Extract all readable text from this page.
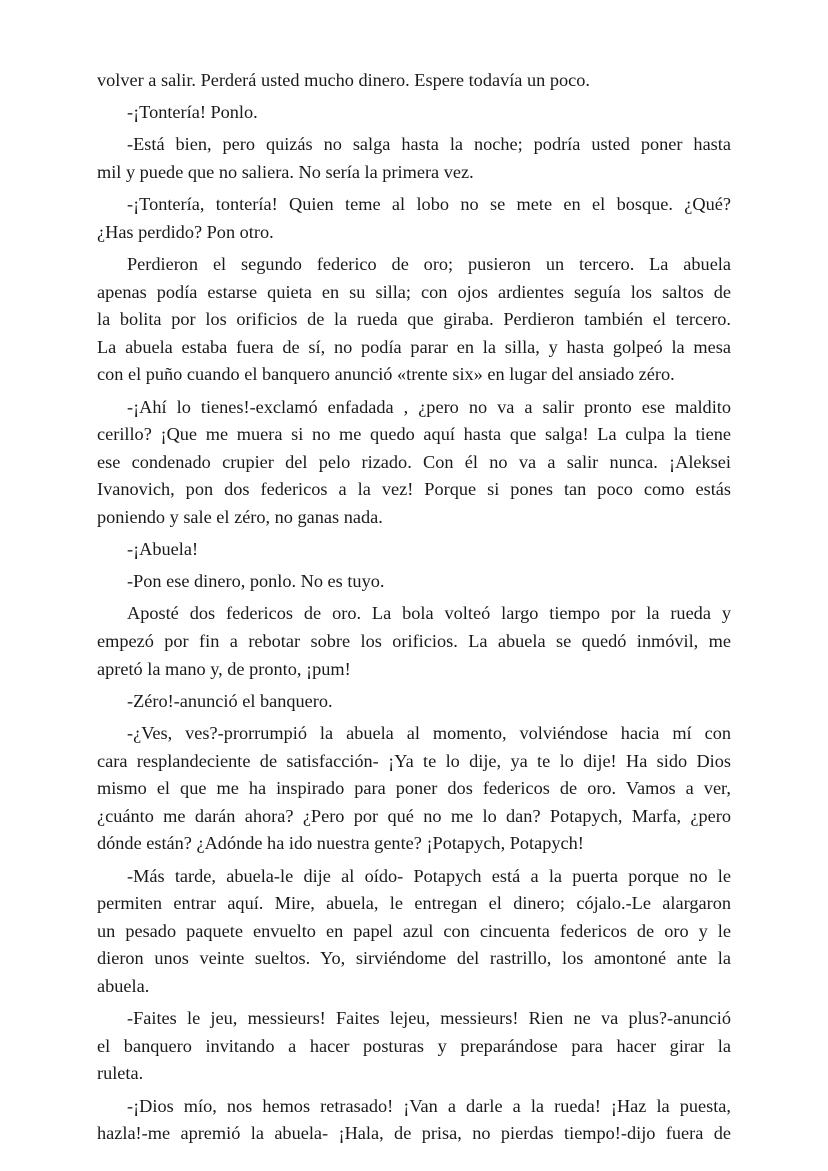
volver a salir. Perderá usted mucho dinero. Espere todavía un poco.
-¡Tontería! Ponlo.
-Está bien, pero quizás no salga hasta la noche; podría usted poner hasta
mil y puede que no saliera. No sería la primera vez.
-¡Tontería, tontería! Quien teme al lobo no se mete en el bosque. ¿Qué?
¿Has perdido? Pon otro.
Perdieron el segundo federico de oro; pusieron un tercero. La abuela
apenas podía estarse quieta en su silla; con ojos ardientes seguía los saltos de
la bolita por los orificios de la rueda que giraba. Perdieron también el tercero.
La abuela estaba fuera de sí, no podía parar en la silla, y hasta golpeó la mesa
con el puño cuando el banquero anunció «trente six» en lugar del ansiado zéro.
-¡Ahí lo tienes!-exclamó enfadada , ¿pero no va a salir pronto ese maldito
cerillo? ¡Que me muera si no me quedo aquí hasta que salga! La culpa la tiene
ese condenado crupier del pelo rizado. Con él no va a salir nunca. ¡Aleksei
Ivanovich, pon dos federicos a la vez! Porque si pones tan poco como estás
poniendo y sale el zéro, no ganas nada.
-¡Abuela!
-Pon ese dinero, ponlo. No es tuyo.
Aposté dos federicos de oro. La bola volteó largo tiempo por la rueda y
empezó por fin a rebotar sobre los orificios. La abuela se quedó inmóvil, me
apretó la mano y, de pronto, ¡pum!
-Zéro!-anunció el banquero.
-¿Ves, ves?-prorrumpió la abuela al momento, volviéndose hacia mí con
cara resplandeciente de satisfacción- ¡Ya te lo dije, ya te lo dije! Ha sido Dios
mismo el que me ha inspirado para poner dos federicos de oro. Vamos a ver,
¿cuánto me darán ahora? ¿Pero por qué no me lo dan? Potapych, Marfa, ¿pero
dónde están? ¿Adónde ha ido nuestra gente? ¡Potapych, Potapych!
-Más tarde, abuela-le dije al oído- Potapych está a la puerta porque no le
permiten entrar aquí. Mire, abuela, le entregan el dinero; cójalo.-Le alargaron
un pesado paquete envuelto en papel azul con cincuenta federicos de oro y le
dieron unos veinte sueltos. Yo, sirviéndome del rastrillo, los amontoné ante la
abuela.
-Faites le jeu, messieurs! Faites lejeu, messieurs! Rien ne va plus?-anunció
el banquero invitando a hacer posturas y preparándose para hacer girar la
ruleta.
-¡Dios mío, nos hemos retrasado! ¡Van a darle a la rueda! ¡Haz la puesta,
hazla!-me apremió la abuela- ¡Hala, de prisa, no pierdas tiempo!-dijo fuera de
